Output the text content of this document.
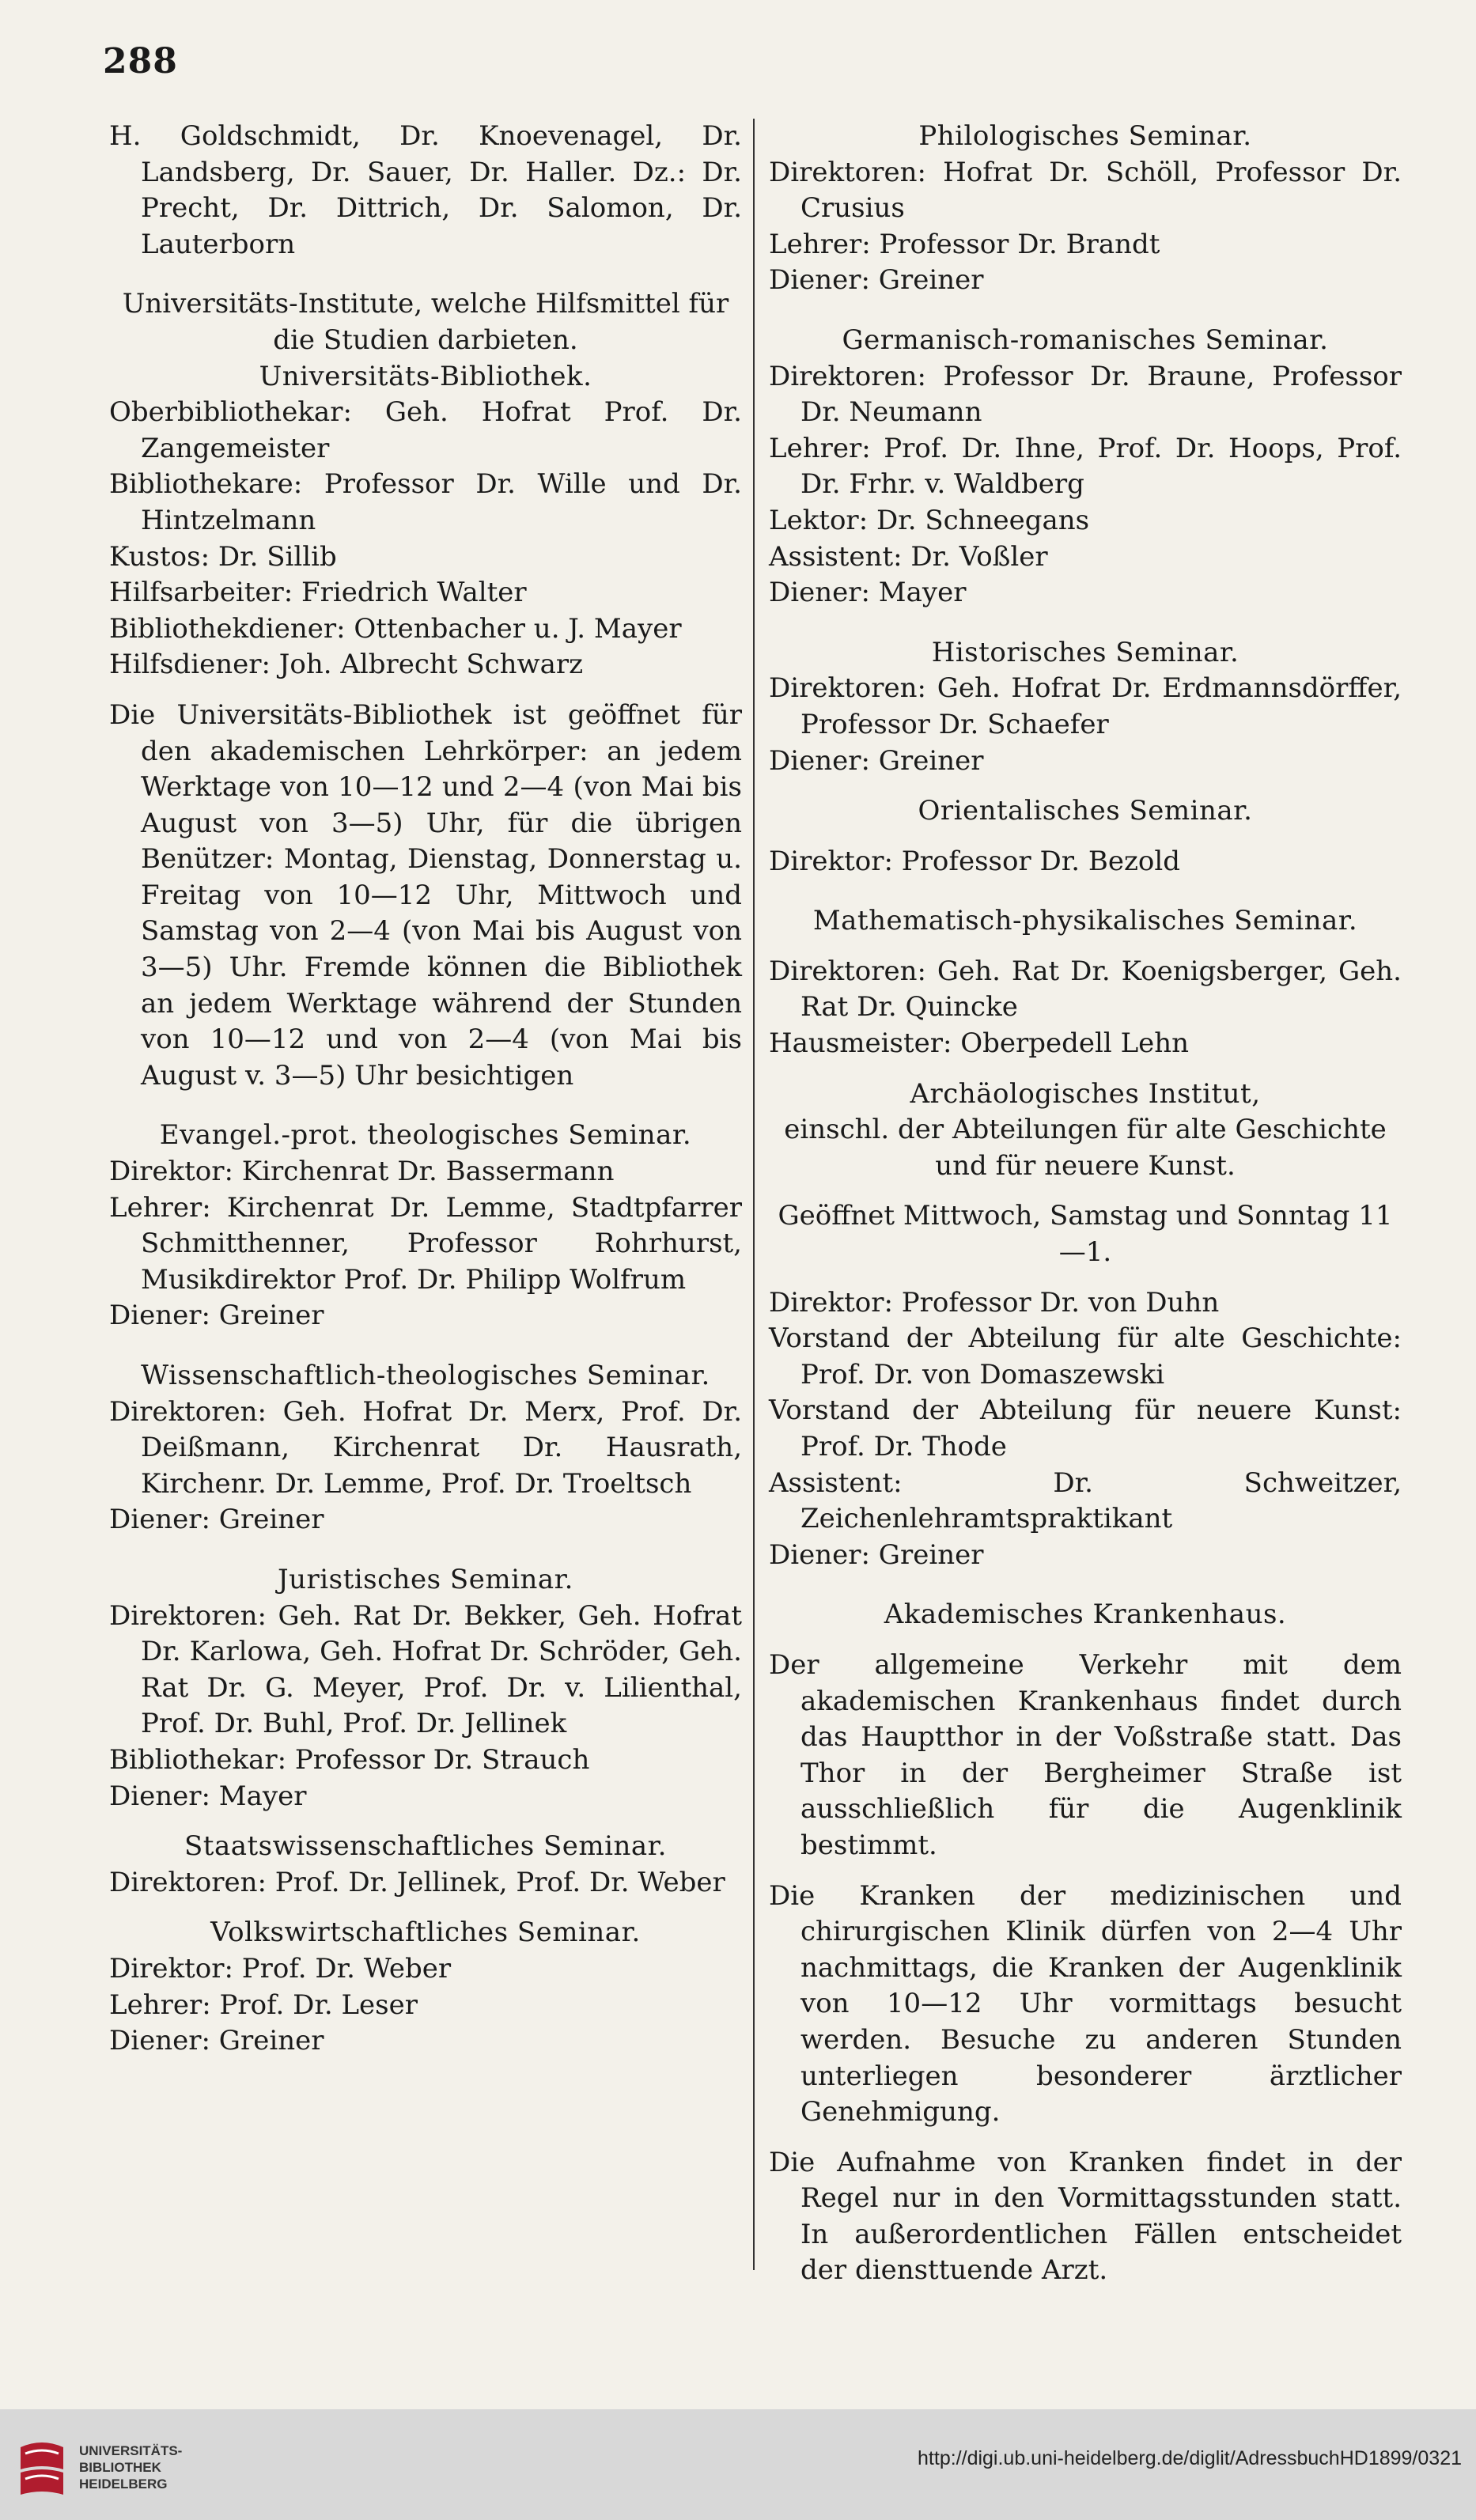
288

H. Goldschmidt, Dr. Knoevenagel, Dr. Landsberg, Dr. Sauer, Dr. Haller. Dz.: Dr. Precht, Dr. Dittrich, Dr. Salomon, Dr. Lauterborn

Universitäts-Institute, welche Hilfsmittel für die Studien darbieten.

Universitäts-Bibliothek.

Oberbibliothekar: Geh. Hofrat Prof. Dr. Zangemeister

Bibliothekare: Professor Dr. Wille und Dr. Hintzelmann

Kustos: Dr. Sillib

Hilfsarbeiter: Friedrich Walter

Bibliothekdiener: Ottenbacher u. J. Mayer

Hilfsdiener: Joh. Albrecht Schwarz

Die Universitäts-Bibliothek ist geöffnet für den akademischen Lehrkörper: an jedem Werktage von 10—12 und 2—4 (von Mai bis August von 3—5) Uhr, für die übrigen Benützer: Montag, Dienstag, Donnerstag u. Freitag von 10—12 Uhr, Mittwoch und Samstag von 2—4 (von Mai bis August von 3—5) Uhr. Fremde können die Bibliothek an jedem Werktage während der Stunden von 10—12 und von 2—4 (von Mai bis August v. 3—5) Uhr besichtigen

Evangel.-prot. theologisches Seminar.

Direktor: Kirchenrat Dr. Bassermann

Lehrer: Kirchenrat Dr. Lemme, Stadtpfarrer Schmitthenner, Professor Rohrhurst, Musikdirektor Prof. Dr. Philipp Wolfrum

Diener: Greiner

Wissenschaftlich-theologisches Seminar.

Direktoren: Geh. Hofrat Dr. Merx, Prof. Dr. Deißmann, Kirchenrat Dr. Hausrath, Kirchenr. Dr. Lemme, Prof. Dr. Troeltsch

Diener: Greiner

Juristisches Seminar.

Direktoren: Geh. Rat Dr. Bekker, Geh. Hofrat Dr. Karlowa, Geh. Hofrat Dr. Schröder, Geh. Rat Dr. G. Meyer, Prof. Dr. v. Lilienthal, Prof. Dr. Buhl, Prof. Dr. Jellinek

Bibliothekar: Professor Dr. Strauch

Diener: Mayer

Staatswissenschaftliches Seminar.

Direktoren: Prof. Dr. Jellinek, Prof. Dr. Weber

Volkswirtschaftliches Seminar.

Direktor: Prof. Dr. Weber

Lehrer: Prof. Dr. Leser

Diener: Greiner

Philologisches Seminar.

Direktoren: Hofrat Dr. Schöll, Professor Dr. Crusius

Lehrer: Professor Dr. Brandt

Diener: Greiner

Germanisch-romanisches Seminar.

Direktoren: Professor Dr. Braune, Professor Dr. Neumann

Lehrer: Prof. Dr. Ihne, Prof. Dr. Hoops, Prof. Dr. Frhr. v. Waldberg

Lektor: Dr. Schneegans

Assistent: Dr. Voßler

Diener: Mayer

Historisches Seminar.

Direktoren: Geh. Hofrat Dr. Erdmannsdörffer, Professor Dr. Schaefer

Diener: Greiner

Orientalisches Seminar.

Direktor: Professor Dr. Bezold

Mathematisch-physikalisches Seminar.

Direktoren: Geh. Rat Dr. Koenigsberger, Geh. Rat Dr. Quincke

Hausmeister: Oberpedell Lehn

Archäologisches Institut,

einschl. der Abteilungen für alte Geschichte und für neuere Kunst.

Geöffnet Mittwoch, Samstag und Sonntag 11—1.

Direktor: Professor Dr. von Duhn

Vorstand der Abteilung für alte Geschichte: Prof. Dr. von Domaszewski

Vorstand der Abteilung für neuere Kunst: Prof. Dr. Thode

Assistent: Dr. Schweitzer, Zeichenlehramtspraktikant

Diener: Greiner

Akademisches Krankenhaus.

Der allgemeine Verkehr mit dem akademischen Krankenhaus findet durch das Hauptthor in der Voßstraße statt. Das Thor in der Bergheimer Straße ist ausschließlich für die Augenklinik bestimmt.

Die Kranken der medizinischen und chirurgischen Klinik dürfen von 2—4 Uhr nachmittags, die Kranken der Augenklinik von 10—12 Uhr vormittags besucht werden. Besuche zu anderen Stunden unterliegen besonderer ärztlicher Genehmigung.

Die Aufnahme von Kranken findet in der Regel nur in den Vormittagsstunden statt. In außerordentlichen Fällen entscheidet der diensttuende Arzt.

UNIVERSITÄTS-
BIBLIOTHEK
HEIDELBERG
http://digi.ub.uni-heidelberg.de/diglit/AdressbuchHD1899/0321
